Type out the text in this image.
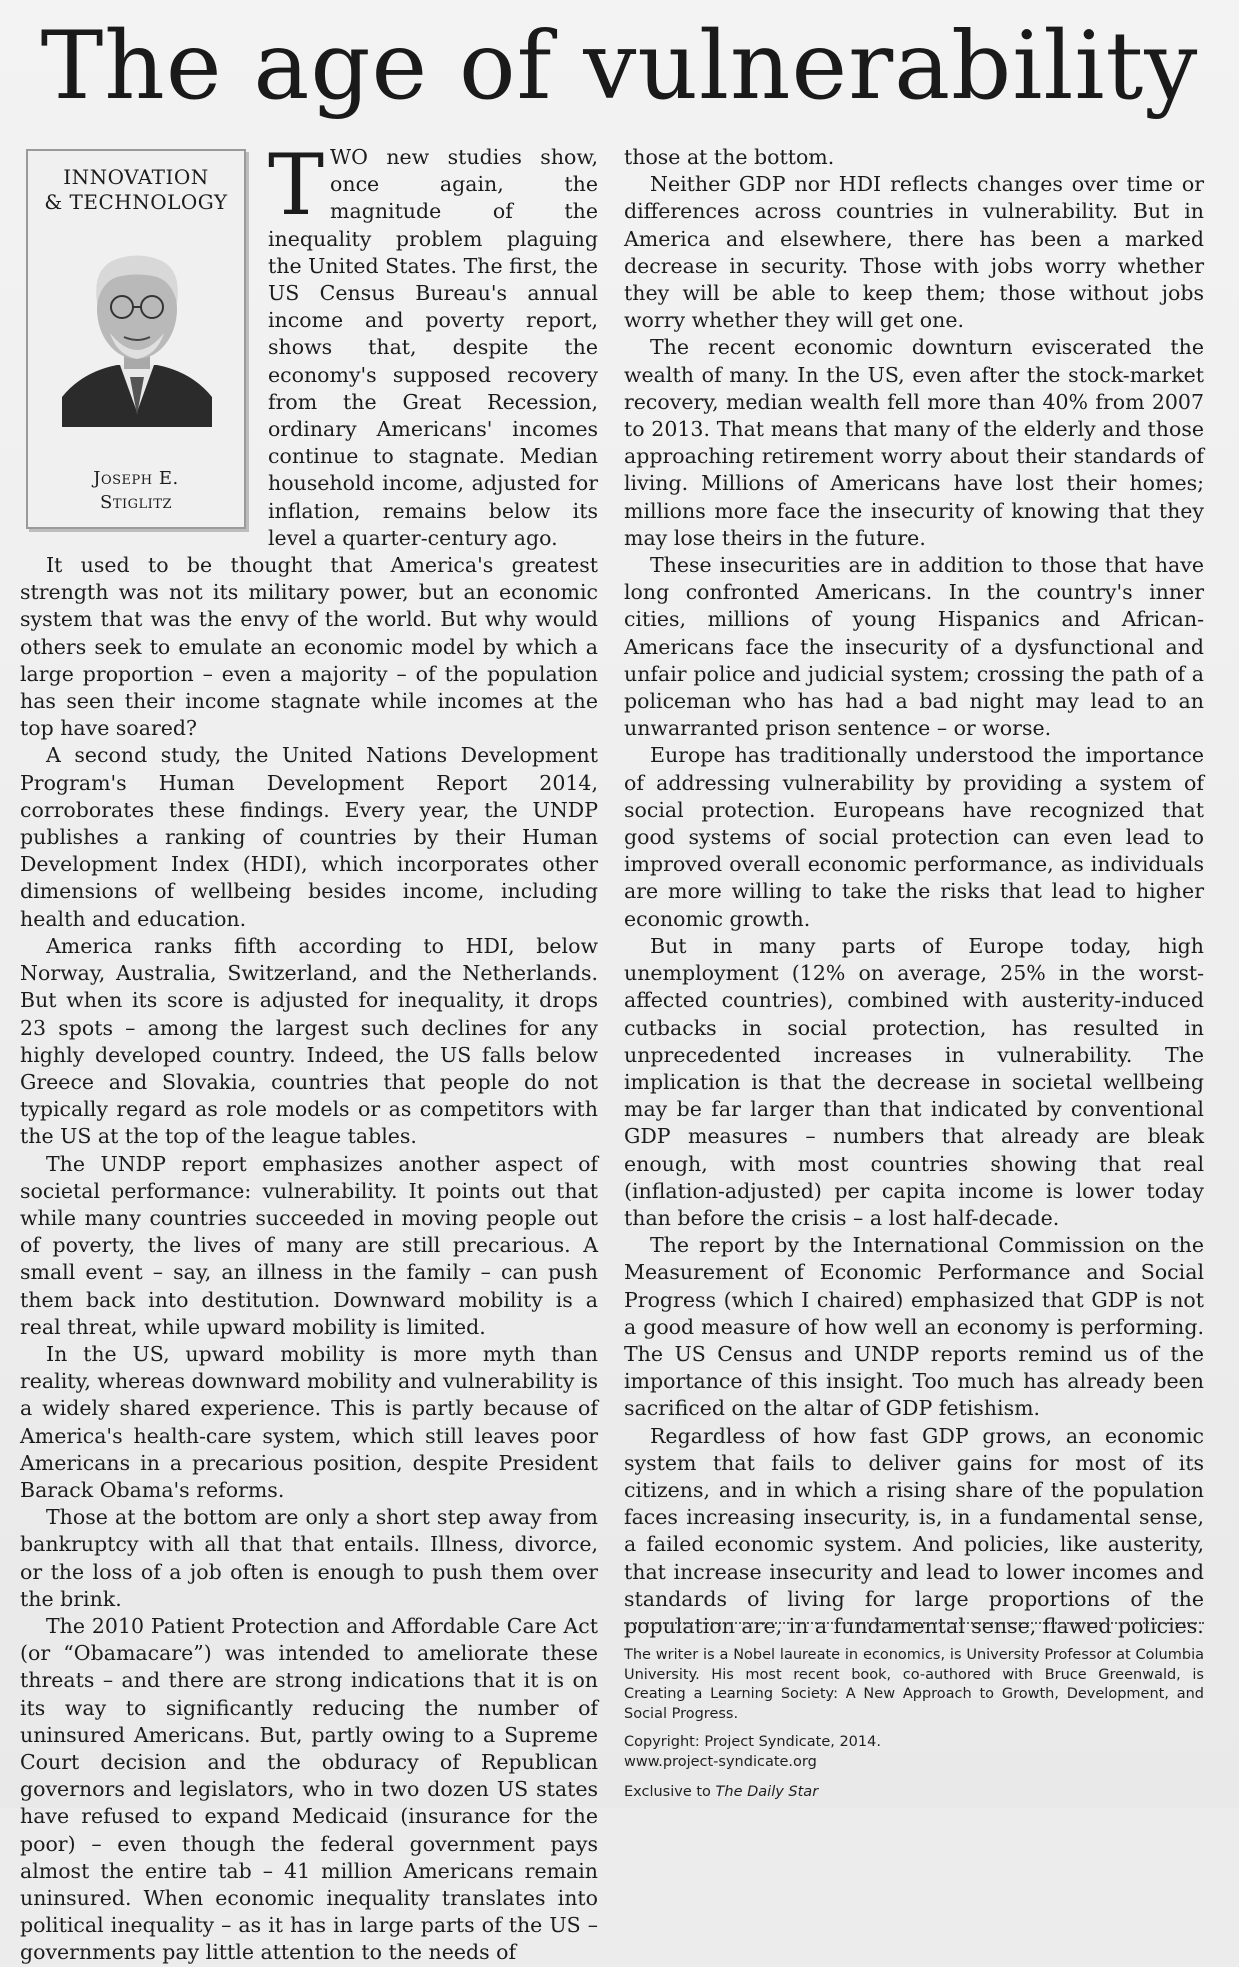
The age of vulnerability
INNOVATION
& TECHNOLOGY
Joseph E.
Stiglitz

TWO new studies show, once again, the magnitude of the inequality problem plaguing the United States. The first, the US Census Bureau's annual income and poverty report, shows that, despite the economy's supposed recovery from the Great Recession, ordinary Americans' incomes continue to stagnate. Median household income, adjusted for inflation, remains below its level a quarter-century ago.

It used to be thought that America's greatest strength was not its military power, but an economic system that was the envy of the world. But why would others seek to emulate an economic model by which a large proportion – even a majority – of the population has seen their income stagnate while incomes at the top have soared?

A second study, the United Nations Development Program's Human Development Report 2014, corroborates these findings. Every year, the UNDP publishes a ranking of countries by their Human Development Index (HDI), which incorporates other dimensions of wellbeing besides income, including health and education.

America ranks fifth according to HDI, below Norway, Australia, Switzerland, and the Netherlands. But when its score is adjusted for inequality, it drops 23 spots – among the largest such declines for any highly developed country. Indeed, the US falls below Greece and Slovakia, countries that people do not typically regard as role models or as competitors with the US at the top of the league tables.

The UNDP report emphasizes another aspect of societal performance: vulnerability. It points out that while many countries succeeded in moving people out of poverty, the lives of many are still precarious. A small event – say, an illness in the family – can push them back into destitution. Downward mobility is a real threat, while upward mobility is limited.

In the US, upward mobility is more myth than reality, whereas downward mobility and vulnerability is a widely shared experience. This is partly because of America's health-care system, which still leaves poor Americans in a precarious position, despite President Barack Obama's reforms.

Those at the bottom are only a short step away from bankruptcy with all that that entails. Illness, divorce, or the loss of a job often is enough to push them over the brink.

The 2010 Patient Protection and Affordable Care Act (or “Obamacare”) was intended to ameliorate these threats – and there are strong indications that it is on its way to significantly reducing the number of uninsured Americans. But, partly owing to a Supreme Court decision and the obduracy of Republican governors and legislators, who in two dozen US states have refused to expand Medicaid (insurance for the poor) – even though the federal government pays almost the entire tab – 41 million Americans remain uninsured. When economic inequality translates into political inequality – as it has in large parts of the US – governments pay little attention to the needs of

those at the bottom.

Neither GDP nor HDI reflects changes over time or differences across countries in vulnerability. But in America and elsewhere, there has been a marked decrease in security. Those with jobs worry whether they will be able to keep them; those without jobs worry whether they will get one.

The recent economic downturn eviscerated the wealth of many. In the US, even after the stock-market recovery, median wealth fell more than 40% from 2007 to 2013. That means that many of the elderly and those approaching retirement worry about their standards of living. Millions of Americans have lost their homes; millions more face the insecurity of knowing that they may lose theirs in the future.

These insecurities are in addition to those that have long confronted Americans. In the country's inner cities, millions of young Hispanics and African-Americans face the insecurity of a dysfunctional and unfair police and judicial system; crossing the path of a policeman who has had a bad night may lead to an unwarranted prison sentence – or worse.

Europe has traditionally understood the importance of addressing vulnerability by providing a system of social protection. Europeans have recognized that good systems of social protection can even lead to improved overall economic performance, as individuals are more willing to take the risks that lead to higher economic growth.

But in many parts of Europe today, high unemployment (12% on average, 25% in the worst-affected countries), combined with austerity-induced cutbacks in social protection, has resulted in unprecedented increases in vulnerability. The implication is that the decrease in societal wellbeing may be far larger than that indicated by conventional GDP measures – numbers that already are bleak enough, with most countries showing that real (inflation-adjusted) per capita income is lower today than before the crisis – a lost half-decade.

The report by the International Commission on the Measurement of Economic Performance and Social Progress (which I chaired) emphasized that GDP is not a good measure of how well an economy is performing. The US Census and UNDP reports remind us of the importance of this insight. Too much has already been sacrificed on the altar of GDP fetishism.

Regardless of how fast GDP grows, an economic system that fails to deliver gains for most of its citizens, and in which a rising share of the population faces increasing insecurity, is, in a fundamental sense, a failed economic system. And policies, like austerity, that increase insecurity and lead to lower incomes and standards of living for large proportions of the population are, in a fundamental sense, flawed policies.

The writer is a Nobel laureate in economics, is University Professor at Columbia University. His most recent book, co-authored with Bruce Greenwald, is Creating a Learning Society: A New Approach to Growth, Development, and Social Progress.
Copyright: Project Syndicate, 2014.
www.project-syndicate.org
Exclusive to The Daily Star
